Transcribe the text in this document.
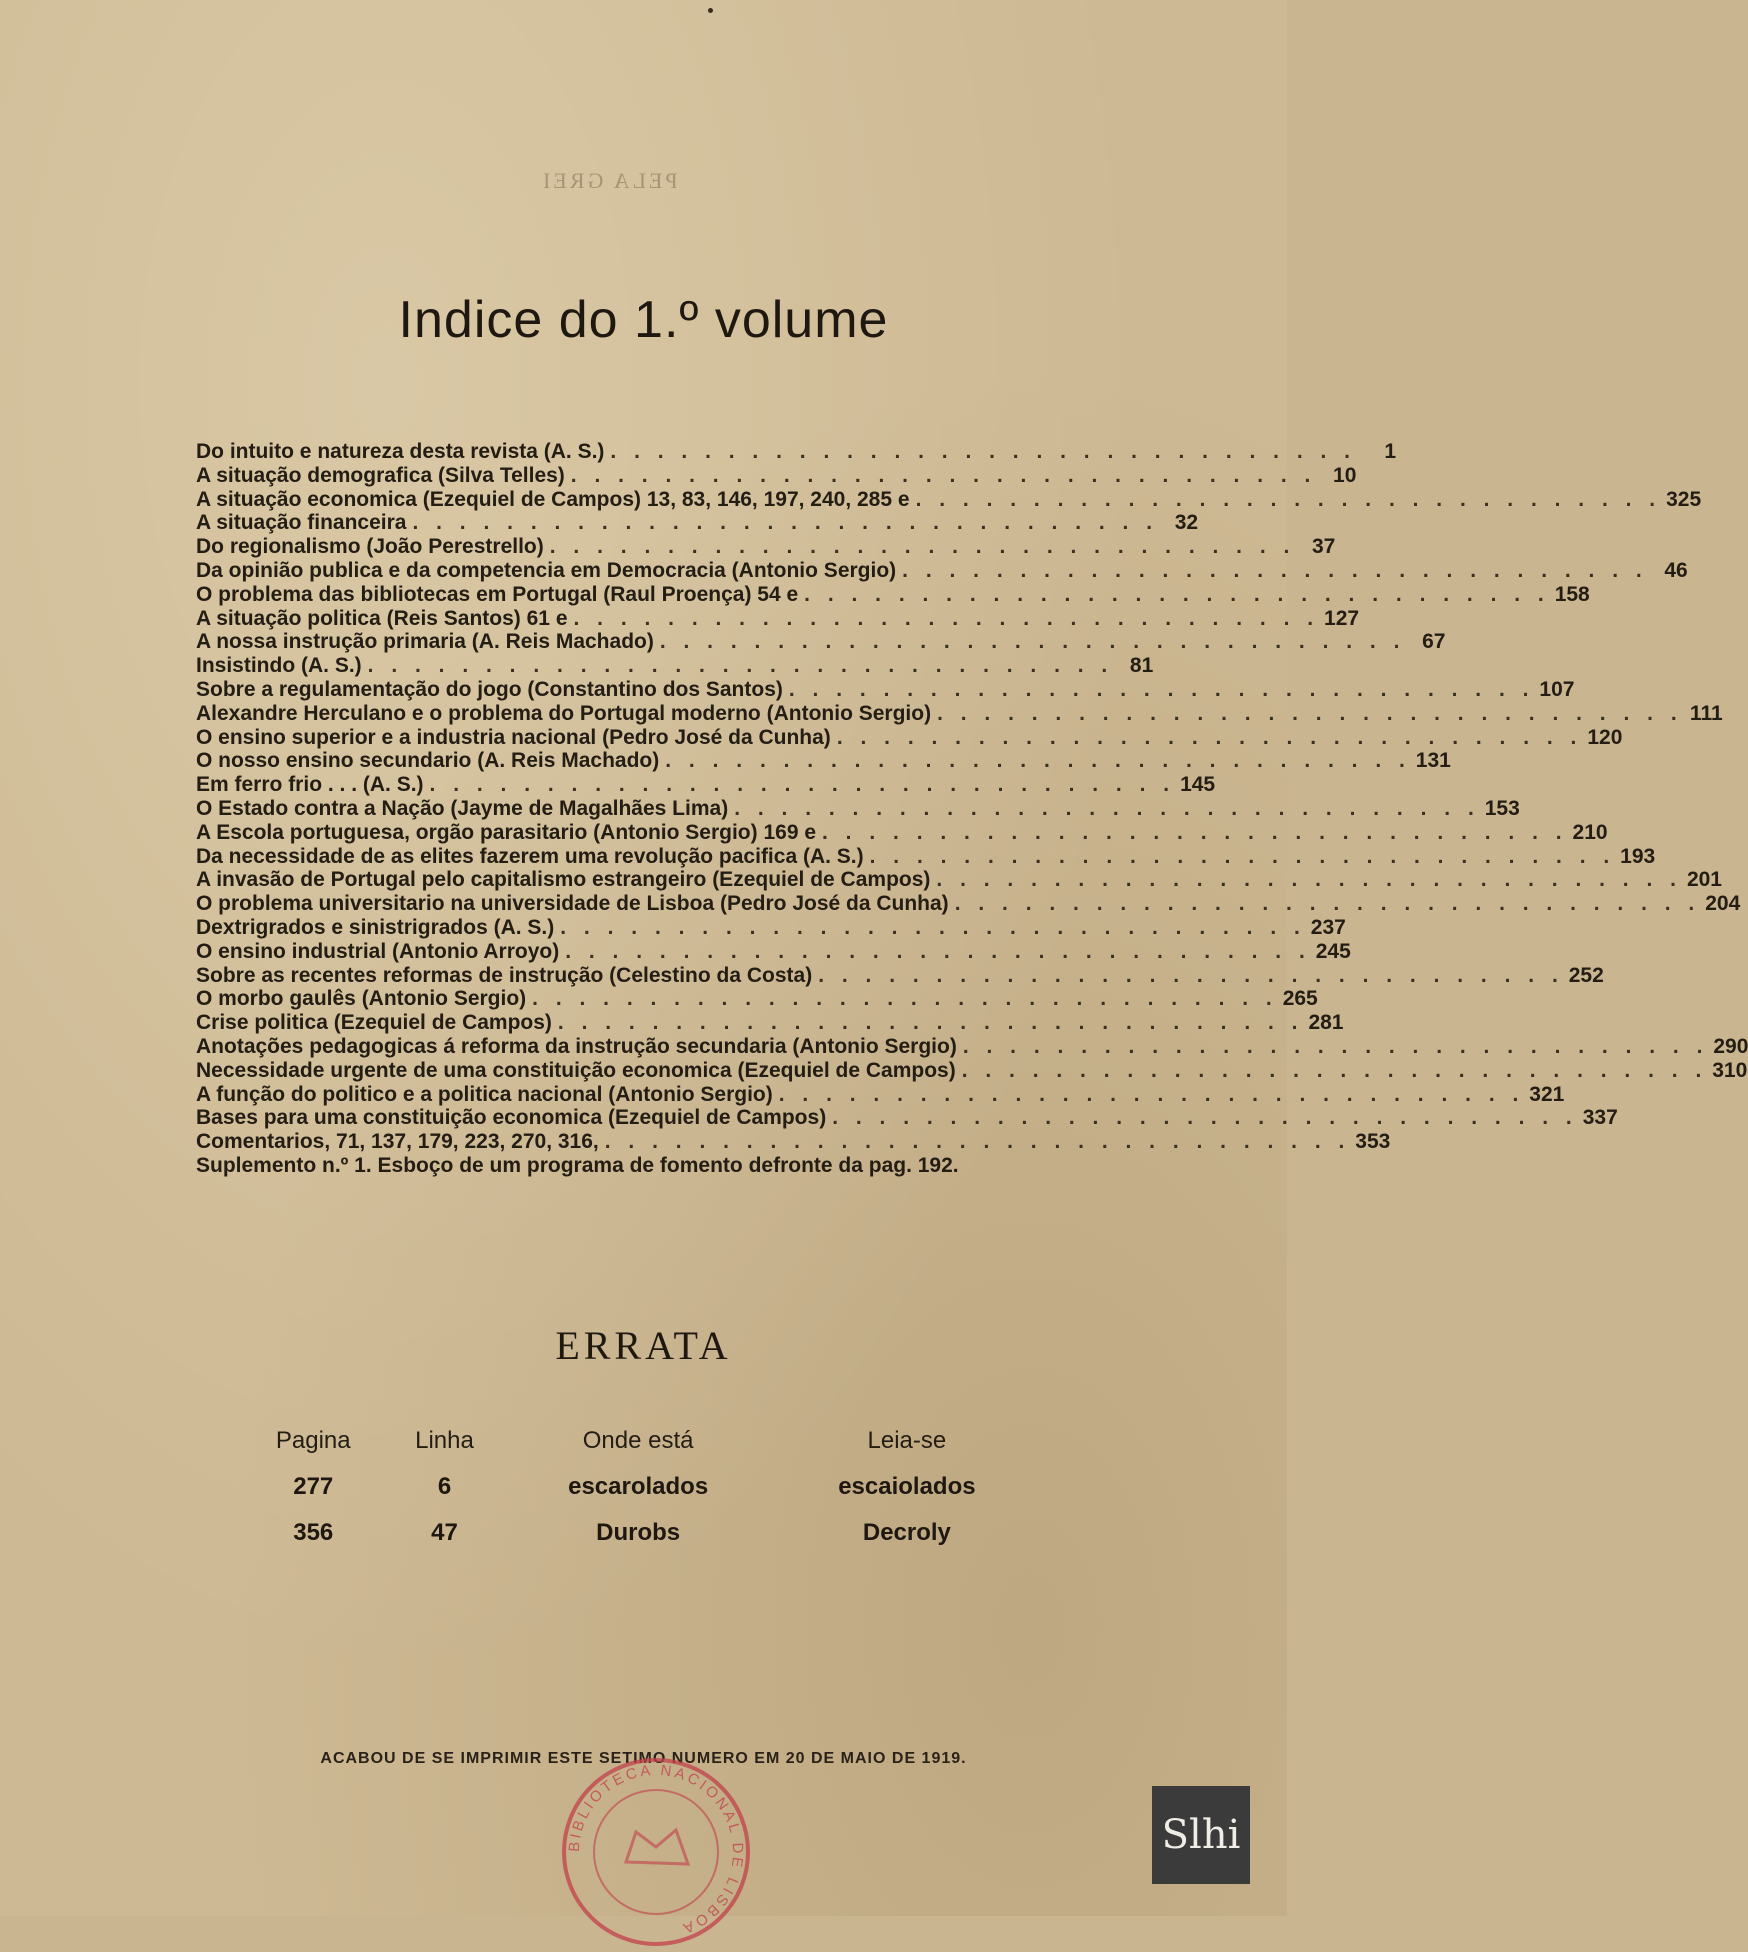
PELA GREI
Indice do 1.º volume
Do intuito e natureza desta revista (A. S.) . . . . . . . . . . . . . . . . . . . . . . . . . . . . . . . .	1
A situação demografica (Silva Telles) . . . . . . . . . . . . . . . . . . . . . . . . . . . . . . . . 10
A situação economica (Ezequiel de Campos) 13, 83, 146, 197, 240, 285 e . . . . . . . . . . . . . . . . . . . . . . . . . . . . . . . . 325
A situação financeira . . . . . . . . . . . . . . . . . . . . . . . . . . . . . . . . 32
Do regionalismo (João Perestrello) . . . . . . . . . . . . . . . . . . . . . . . . . . . . . . . . 37
Da opinião publica e da competencia em Democracia (Antonio Sergio) . . . . . . . . . . . . . . . . . . . . . . . . . . . . . . . . 46
O problema das bibliotecas em Portugal (Raul Proença) 54 e . . . . . . . . . . . . . . . . . . . . . . . . . . . . . . . . 158
A situação politica (Reis Santos) 61 e . . . . . . . . . . . . . . . . . . . . . . . . . . . . . . . . 127
A nossa instrução primaria (A. Reis Machado) . . . . . . . . . . . . . . . . . . . . . . . . . . . . . . . . 67
Insistindo (A. S.) . . . . . . . . . . . . . . . . . . . . . . . . . . . . . . . . 81
Sobre a regulamentação do jogo (Constantino dos Santos) . . . . . . . . . . . . . . . . . . . . . . . . . . . . . . . . 107
Alexandre Herculano e o problema do Portugal moderno (Antonio Sergio) . . . . . . . . . . . . . . . . . . . . . . . . . . . . . . . . 111
O ensino superior e a industria nacional (Pedro José da Cunha) . . . . . . . . . . . . . . . . . . . . . . . . . . . . . . . . 120
O nosso ensino secundario (A. Reis Machado) . . . . . . . . . . . . . . . . . . . . . . . . . . . . . . . . 131
Em ferro frio . . . (A. S.) . . . . . . . . . . . . . . . . . . . . . . . . . . . . . . . . 145
O Estado contra a Nação (Jayme de Magalhães Lima) . . . . . . . . . . . . . . . . . . . . . . . . . . . . . . . . 153
A Escola portuguesa, orgão parasitario (Antonio Sergio) 169 e . . . . . . . . . . . . . . . . . . . . . . . . . . . . . . . . 210
Da necessidade de as elites fazerem uma revolução pacifica (A. S.) . . . . . . . . . . . . . . . . . . . . . . . . . . . . . . . . 193
A invasão de Portugal pelo capitalismo estrangeiro (Ezequiel de Campos) . . . . . . . . . . . . . . . . . . . . . . . . . . . . . . . . 201
O problema universitario na universidade de Lisboa (Pedro José da Cunha) . . . . . . . . . . . . . . . . . . . . . . . . . . . . . . . . 204
Dextrigrados e sinistrigrados (A. S.) . . . . . . . . . . . . . . . . . . . . . . . . . . . . . . . . 237
O ensino industrial (Antonio Arroyo) . . . . . . . . . . . . . . . . . . . . . . . . . . . . . . . . 245
Sobre as recentes reformas de instrução (Celestino da Costa) . . . . . . . . . . . . . . . . . . . . . . . . . . . . . . . . 252
O morbo gaulês (Antonio Sergio) . . . . . . . . . . . . . . . . . . . . . . . . . . . . . . . . 265
Crise politica (Ezequiel de Campos) . . . . . . . . . . . . . . . . . . . . . . . . . . . . . . . . 281
Anotações pedagogicas á reforma da instrução secundaria (Antonio Sergio) . . . . . . . . . . . . . . . . . . . . . . . . . . . . . . . . 290
Necessidade urgente de uma constituição economica (Ezequiel de Campos) . . . . . . . . . . . . . . . . . . . . . . . . . . . . . . . . 310
A função do politico e a politica nacional (Antonio Sergio) . . . . . . . . . . . . . . . . . . . . . . . . . . . . . . . . 321
Bases para uma constituição economica (Ezequiel de Campos) . . . . . . . . . . . . . . . . . . . . . . . . . . . . . . . . 337
Comentarios, 71, 137, 179, 223, 270, 316, . . . . . . . . . . . . . . . . . . . . . . . . . . . . . . . . 353
Suplemento n.º 1. Esboço de um programa de fomento defronte da pag. 192.
ERRATA
Pagina	Linha	Onde está	Leia-se
277	6	escarolados	escaiolados
356	47	Durobs	Decroly
ACABOU DE SE IMPRIMIR ESTE SETIMO NUMERO EM 20 DE MAIO DE 1919.
BIBLIOTECA NACIONAL DE LISBOA
Slhi
